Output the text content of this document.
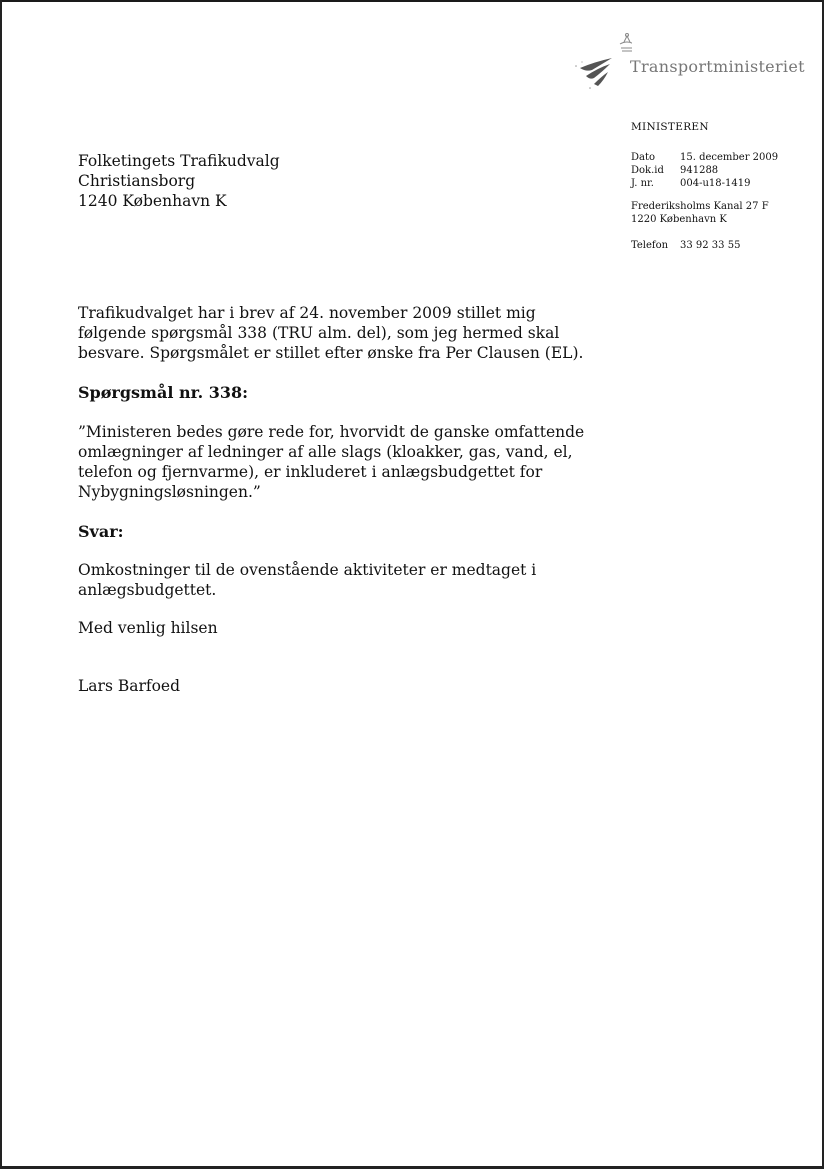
Transportministeriet
MINISTEREN
Dato	15. december 2009
Dok.id	941288
J. nr.	004-u18-1419
Frederiksholms Kanal 27 F
1220 København K
Telefon	33 92 33 55
Folketingets Trafikudvalg
Christiansborg
1240 København K

Trafikudvalget har i brev af 24. november 2009 stillet mig følgende spørgsmål 338 (TRU alm. del), som jeg hermed skal besvare. Spørgsmålet er stillet efter ønske fra Per Clausen (EL).

Spørgsmål nr. 338:

”Ministeren bedes gøre rede for, hvorvidt de ganske omfattende omlægninger af ledninger af alle slags (kloakker, gas, vand, el, telefon og fjernvarme), er inkluderet i anlægsbudgettet for Nybygningsløsningen.”

Svar:

Omkostninger til de ovenstående aktiviteter er medtaget i anlægsbudgettet.

Med venlig hilsen

Lars Barfoed
